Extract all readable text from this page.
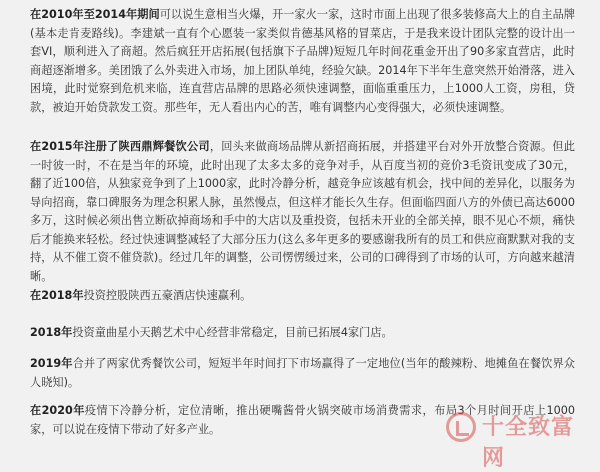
在2010年至2014年期间可以说生意相当火爆，开一家火一家，这时市面上出现了很多装修高大上的自主品牌(基本走肯麦路线)。李建斌一直有个心愿装一家类似肯德基风格的冒菜店，于是我来设计团队完整的设计出一套VI，顺利进入了商超。然后疯狂开店拓展(包括旗下子品牌)短短几年时间花重金开出了90多家直营店，此时商超逐渐增多。美团饿了么外卖进入市场，加上团队单纯，经验欠缺。2014年下半年生意突然开始滑落，进入困境，此时觉察到危机来临，连直营店品牌的思路必须快速调整，面临重重压力，上1000人工资，房租，贷款，被迫开始贷款发工资。那些年，无人看出内心的苦，唯有调整内心变得强大，必须快速调整。

在2015年注册了陕西鼎辉餐饮公司，回头来做商场品牌从新招商拓展，并搭建平台对外开放整合资源。但此一时彼一时，不在是当年的环境，此时出现了太多太多的竞争对手，从百度当初的竞价3毛资讯变成了30元，翻了近100倍，从独家竞争到了上1000家，此时冷静分析，越竞争应该越有机会，找中间的差异化，以服务为导向招商，靠口碑服务为理念积累人脉，虽然慢点，但这样才能长久生存。但面临四面八方的外债已高达6000多万，这时候必须出售立断砍掉商场和手中的大店以及重投资，包括未开业的全部关掉，眼不见心不烦，痛快后才能换来轻松。经过快速调整减轻了大部分压力(这么多年更多的要感谢我所有的员工和供应商默默对我的支持，从不催工资不催贷款)。经过几年的调整，公司愣愣缓过来，公司的口碑得到了市场的认可，方向越来越清晰。

在2018年投资控股陕西五豪酒店快速赢利。

2018年投资童曲星小天鹅艺术中心经营非常稳定，目前已拓展4家门店。

2019年合并了两家优秀餐饮公司，短短半年时间打下市场赢得了一定地位(当年的酸辣粉、地摊鱼在餐饮界众人晓知)。

在2020年疫情下冷静分析，定位清晰，推出硬嘴酱骨火锅突破市场消费需求，布局3个月时间开店上1000家，可以说在疫情下带动了好多产业。	十全致富网
